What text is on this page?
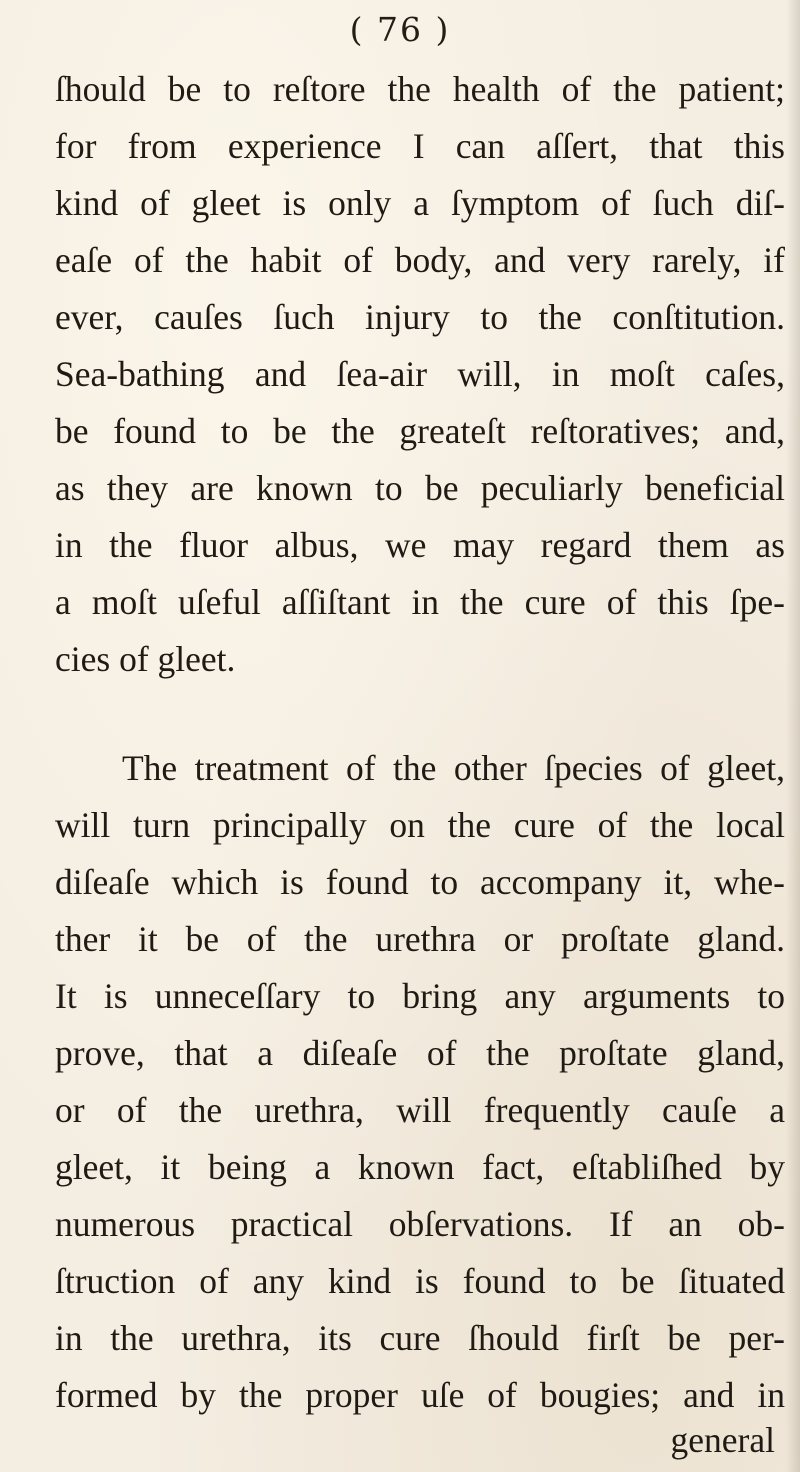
( 76 )
ſhould be to reſtore the health of the patient;
for from experience I can aſſert, that this
kind of gleet is only a ſymptom of ſuch diſ-
eaſe of the habit of body, and very rarely, if
ever, cauſes ſuch injury to the conſtitution.
Sea-bathing and ſea-air will, in moſt caſes,
be found to be the greateſt reſtoratives; and,
as they are known to be peculiarly beneficial
in the fluor albus, we may regard them as
a moſt uſeful aſſiſtant in the cure of this ſpe-
cies of gleet.
The treatment of the other ſpecies of gleet,
will turn principally on the cure of the local
diſeaſe which is found to accompany it, whe-
ther it be of the urethra or proſtate gland.
It is unneceſſary to bring any arguments to
prove, that a diſeaſe of the proſtate gland,
or of the urethra, will frequently cauſe a
gleet, it being a known fact, eſtabliſhed by
numerous practical obſervations. If an ob-
ſtruction of any kind is found to be ſituated
in the urethra, its cure ſhould firſt be per-
formed by the proper uſe of bougies; and in
general
